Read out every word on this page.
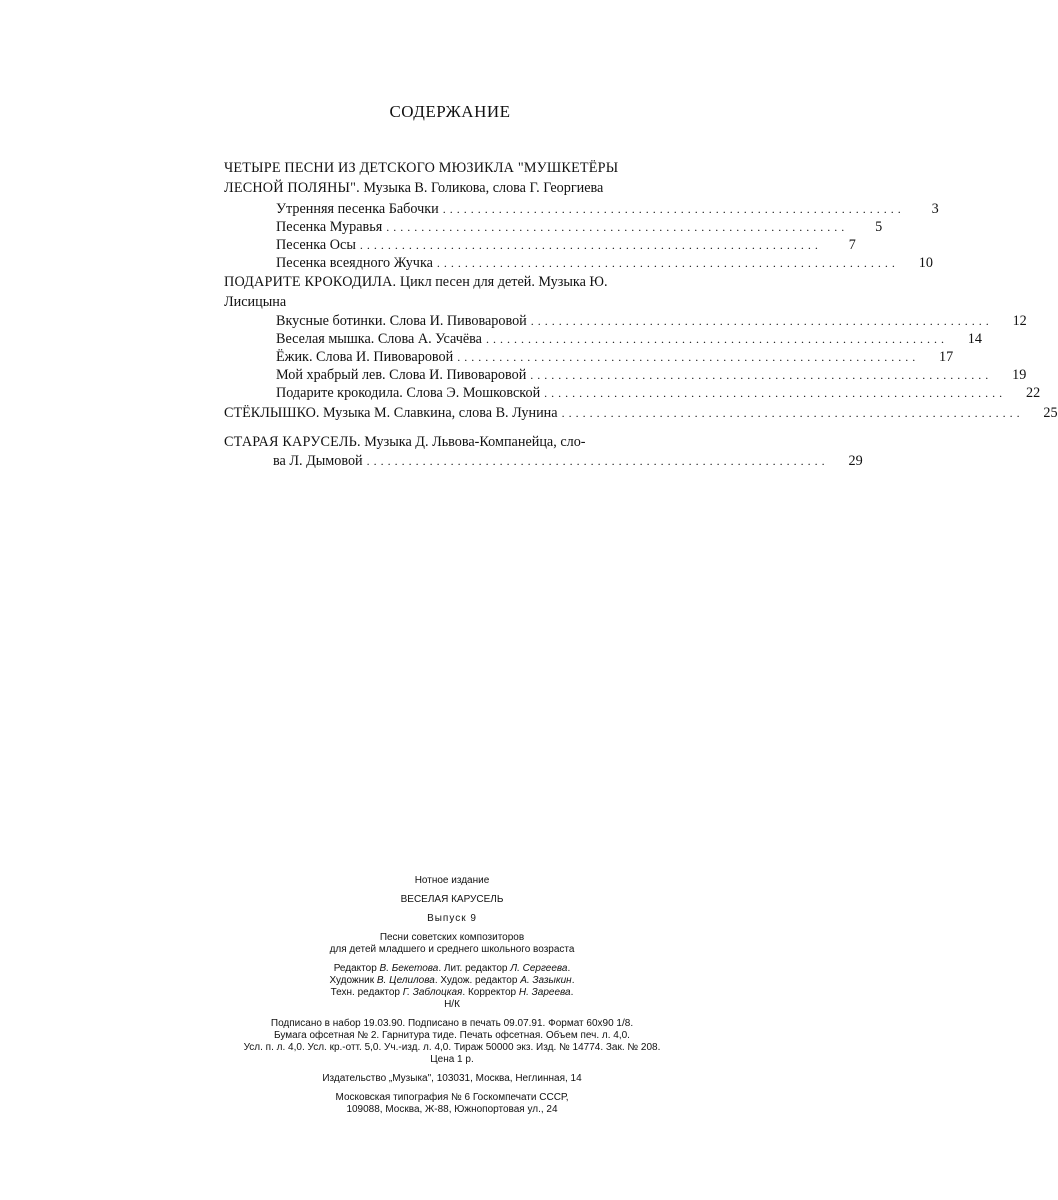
СОДЕРЖАНИЕ
ЧЕТЫРЕ ПЕСНИ ИЗ ДЕТСКОГО МЮЗИКЛА "МУШКЕТЁРЫ ЛЕСНОЙ ПОЛЯНЫ". Музыка В. Голикова, слова Г. Георгиева
Утренняя песенка Бабочки ..................................................................	3
Песенка Муравья ..................................................................	5
Песенка Осы ..................................................................	7
Песенка всеядного Жучка ..................................................................	10
ПОДАРИТЕ КРОКОДИЛА. Цикл песен для детей. Музыка Ю. Лисицына
Вкусные ботинки. Слова И. Пивоваровой ..................................................................	12
Веселая мышка. Слова А. Усачёва ..................................................................	14
Ёжик. Слова И. Пивоваровой ..................................................................	17
Мой храбрый лев. Слова И. Пивоваровой ..................................................................	19
Подарите крокодила. Слова Э. Мошковской ..................................................................	22
СТЁКЛЫШКО. Музыка М. Славкина, слова В. Лунина ..................................................................	25
СТАРАЯ КАРУСЕЛЬ. Музыка Д. Львова-Компанейца, сло-
ва Л. Дымовой ..................................................................	29
Нотное издание
ВЕСЕЛАЯ КАРУСЕЛЬ
Выпуск 9
Песни советских композиторов
для детей младшего и среднего школьного возраста
Редактор В. Бекетова. Лит. редактор Л. Сергеева.
Художник В. Целилова. Худож. редактор А. Зазыкин.
Техн. редактор Г. Заблоцкая. Корректор Н. Зареева.
Н/К
Подписано в набор 19.03.90. Подписано в печать 09.07.91. Формат 60x90 1/8.
Бумага офсетная № 2. Гарнитура тиде. Печать офсетная. Объем печ. л. 4,0.
Усл. п. л. 4,0. Усл. кр.-отт. 5,0. Уч.-изд. л. 4,0. Тираж 50000 экз. Изд. № 14774. Зак. № 208.
Цена 1 р.
Издательство „Музыка", 103031, Москва, Неглинная, 14
Московская типография № 6 Госкомпечати СССР,
109088, Москва, Ж-88, Южнопортовая ул., 24
